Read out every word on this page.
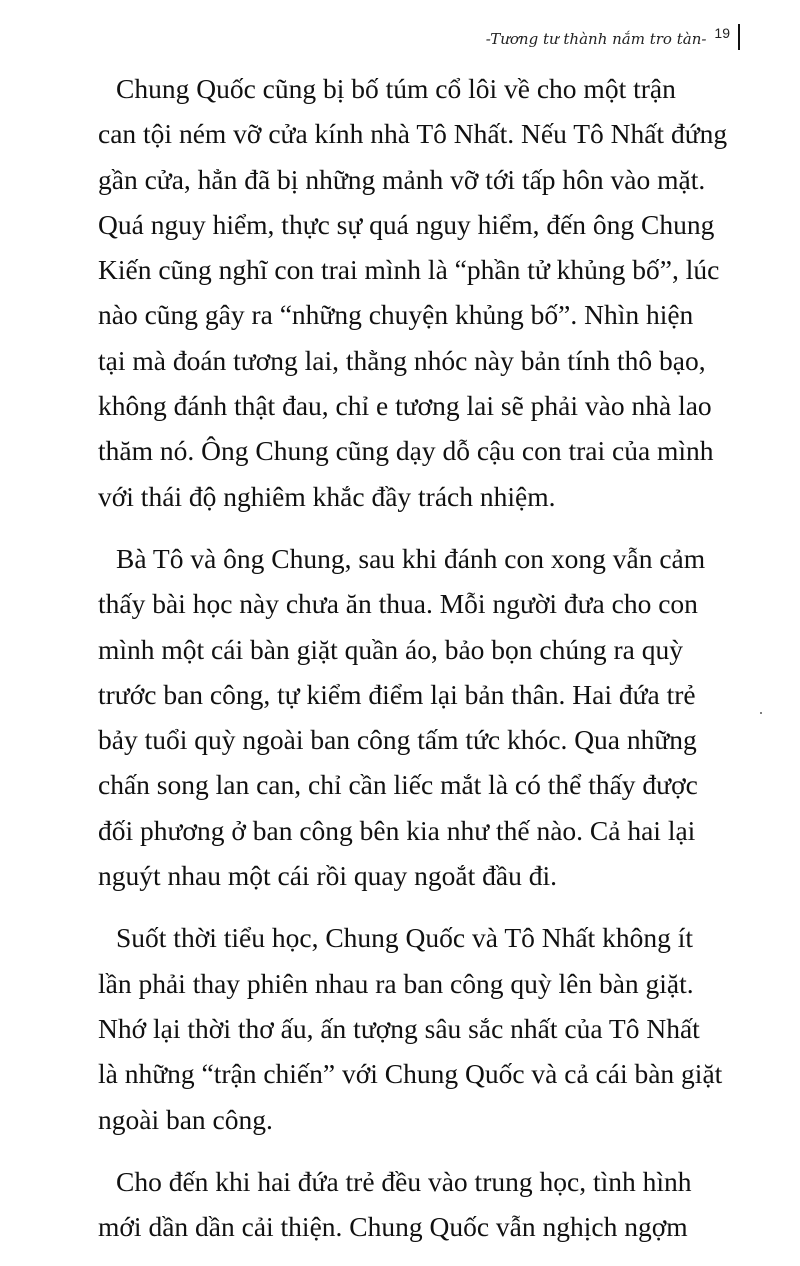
-Tương tư thành nắm tro tàn- 19
Chung Quốc cũng bị bố túm cổ lôi về cho một trận
can tội ném vỡ cửa kính nhà Tô Nhất. Nếu Tô Nhất đứng
gần cửa, hẳn đã bị những mảnh vỡ tới tấp hôn vào mặt.
Quá nguy hiểm, thực sự quá nguy hiểm, đến ông Chung
Kiến cũng nghĩ con trai mình là “phần tử khủng bố”, lúc
nào cũng gây ra “những chuyện khủng bố”. Nhìn hiện
tại mà đoán tương lai, thằng nhóc này bản tính thô bạo,
không đánh thật đau, chỉ e tương lai sẽ phải vào nhà lao
thăm nó. Ông Chung cũng dạy dỗ cậu con trai của mình
với thái độ nghiêm khắc đầy trách nhiệm.
Bà Tô và ông Chung, sau khi đánh con xong vẫn cảm
thấy bài học này chưa ăn thua. Mỗi người đưa cho con
mình một cái bàn giặt quần áo, bảo bọn chúng ra quỳ
trước ban công, tự kiểm điểm lại bản thân. Hai đứa trẻ
bảy tuổi quỳ ngoài ban công tấm tức khóc. Qua những
chấn song lan can, chỉ cần liếc mắt là có thể thấy được
đối phương ở ban công bên kia như thế nào. Cả hai lại
nguýt nhau một cái rồi quay ngoắt đầu đi.
Suốt thời tiểu học, Chung Quốc và Tô Nhất không ít
lần phải thay phiên nhau ra ban công quỳ lên bàn giặt.
Nhớ lại thời thơ ấu, ấn tượng sâu sắc nhất của Tô Nhất
là những “trận chiến” với Chung Quốc và cả cái bàn giặt
ngoài ban công.
Cho đến khi hai đứa trẻ đều vào trung học, tình hình
mới dần dần cải thiện. Chung Quốc vẫn nghịch ngợm
